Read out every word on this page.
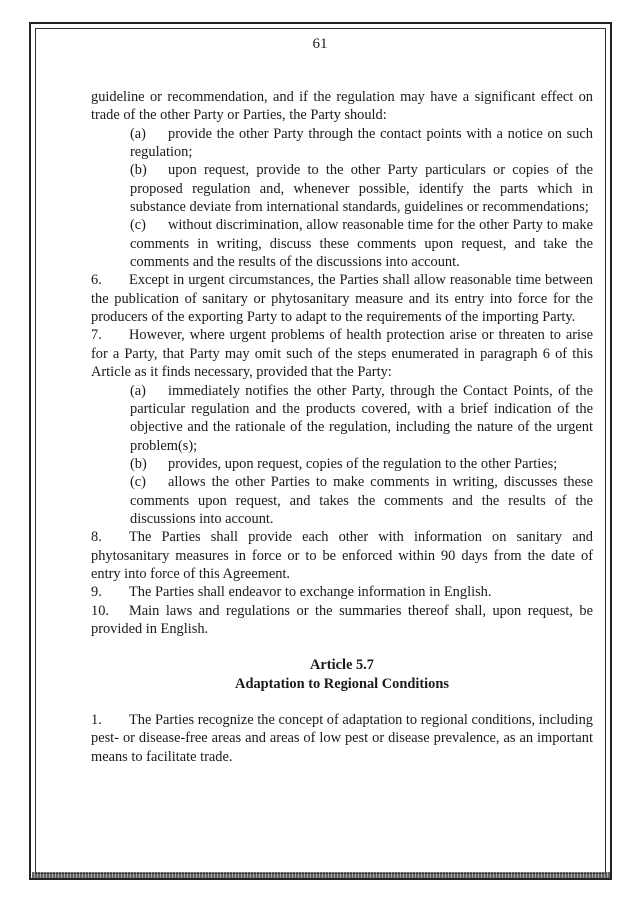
61

guideline or recommendation, and if the regulation may have a significant effect on trade of the other Party or Parties, the Party should:

(a) provide the other Party through the contact points with a notice on such regulation;

(b) upon request, provide to the other Party particulars or copies of the proposed regulation and, whenever possible, identify the parts which in substance deviate from international standards, guidelines or recommendations;

(c) without discrimination, allow reasonable time for the other Party to make comments in writing, discuss these comments upon request, and take the comments and the results of the discussions into account.

6. Except in urgent circumstances, the Parties shall allow reasonable time between the publication of sanitary or phytosanitary measure and its entry into force for the producers of the exporting Party to adapt to the requirements of the importing Party.

7. However, where urgent problems of health protection arise or threaten to arise for a Party, that Party may omit such of the steps enumerated in paragraph 6 of this Article as it finds necessary, provided that the Party:

(a) immediately notifies the other Party, through the Contact Points, of the particular regulation and the products covered, with a brief indication of the objective and the rationale of the regulation, including the nature of the urgent problem(s);

(b) provides, upon request, copies of the regulation to the other Parties;

(c) allows the other Parties to make comments in writing, discusses these comments upon request, and takes the comments and the results of the discussions into account.

8. The Parties shall provide each other with information on sanitary and phytosanitary measures in force or to be enforced within 90 days from the date of entry into force of this Agreement.

9. The Parties shall endeavor to exchange information in English.

10. Main laws and regulations or the summaries thereof shall, upon request, be provided in English.

Article 5.7

Adaptation to Regional Conditions

1. The Parties recognize the concept of adaptation to regional conditions, including pest- or disease-free areas and areas of low pest or disease prevalence, as an important means to facilitate trade.
